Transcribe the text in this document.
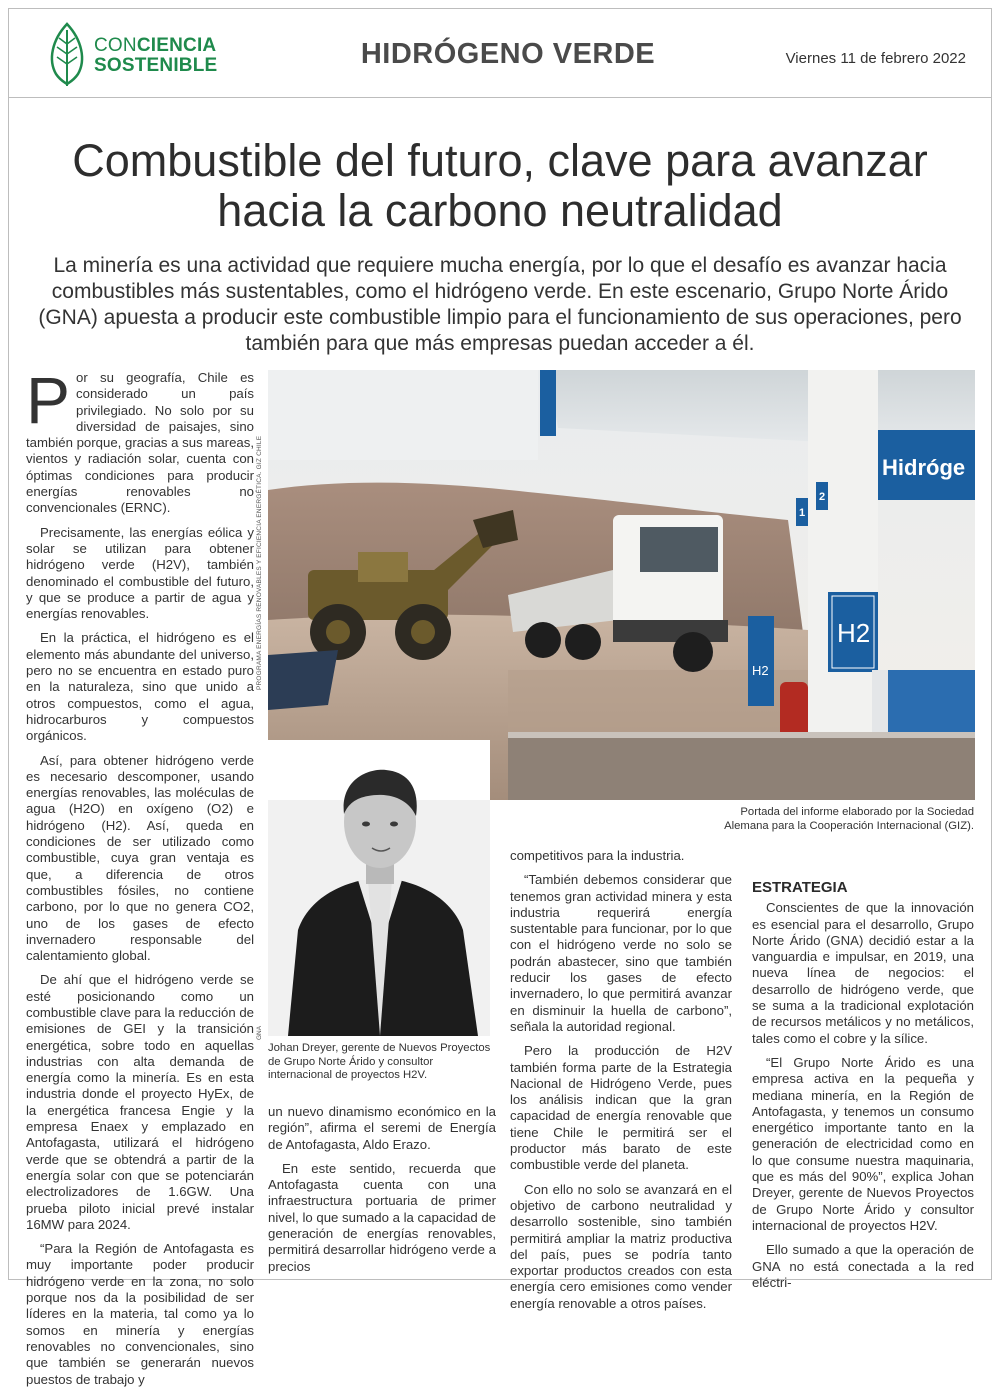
CONCIENCIA
SOSTENIBLE	HIDRÓGENO VERDE	Viernes 11 de febrero 2022
Combustible del futuro, clave para avanzar
hacia la carbono neutralidad

La minería es una actividad que requiere mucha energía, por lo que el desafío es avanzar hacia combustibles más sustentables, como el hidrógeno verde. En este escenario, Grupo Norte Árido (GNA) apuesta a producir este combustible limpio para el funcionamiento de sus operaciones, pero también para que más empresas puedan acceder a él.

Por su geografía, Chile es considerado un país privilegiado. No solo por su diversidad de paisajes, sino también porque, gracias a sus mareas, vientos y radiación solar, cuenta con óptimas condiciones para producir energías renovables no convencionales (ERNC).

Precisamente, las energías eólica y solar se utilizan para obtener hidrógeno verde (H2V), también denominado el combustible del futuro, y que se produce a partir de agua y energías renovables.

En la práctica, el hidrógeno es el elemento más abundante del universo, pero no se encuentra en estado puro en la naturaleza, sino que unido a otros compuestos, como el agua, hidrocarburos y compuestos orgánicos.

Así, para obtener hidrógeno verde es necesario descomponer, usando energías renovables, las moléculas de agua (H2O) en oxígeno (O2) e hidrógeno (H2). Así, queda en condiciones de ser utilizado como combustible, cuya gran ventaja es que, a diferencia de otros combustibles fósiles, no contiene carbono, por lo que no genera CO2, uno de los gases de efecto invernadero responsable del calentamiento global.

De ahí que el hidrógeno verde se esté posicionando como un combustible clave para la reducción de emisiones de GEI y la transición energética, sobre todo en aquellas industrias con alta demanda de energía como la minería. Es en esta industria donde el proyecto HyEx, de la energética francesa Engie y la empresa Enaex y emplazado en Antofagasta, utilizará el hidrógeno verde que se obtendrá a partir de la energía solar con que se potenciarán electrolizadores de 1.6GW. Una prueba piloto inicial prevé instalar 16MW para 2024.

“Para la Región de Antofagasta es muy importante poder producir hidrógeno verde en la zona, no solo porque nos da la posibilidad de ser líderes en la materia, tal como ya lo somos en minería y energías renovables no convencionales, sino que también se generarán nuevos puestos de trabajo y

Hidróge
1
2
H2
H2
PROGRAMA ENERGÍAS RENOVABLES Y EFICIENCIA ENERGÉTICA. GIZ CHILE
Portada del informe elaborado por la Sociedad Alemana para la Cooperación Internacional (GIZ).
GNA
Johan Dreyer, gerente de Nuevos Proyectos de Grupo Norte Árido y consultor internacional de proyectos H2V.

un nuevo dinamismo económico en la región”, afirma el seremi de Energía de Antofagasta, Aldo Erazo.

En este sentido, recuerda que Antofagasta cuenta con una infraestructura portuaria de primer nivel, lo que sumado a la capacidad de generación de energías renovables, permitirá desarrollar hidrógeno verde a precios

competitivos para la industria.

“También debemos considerar que tenemos gran actividad minera y esta industria requerirá energía sustentable para funcionar, por lo que con el hidrógeno verde no solo se podrán abastecer, sino que también reducir los gases de efecto invernadero, lo que permitirá avanzar en disminuir la huella de carbono”, señala la autoridad regional.

Pero la producción de H2V también forma parte de la Estrategia Nacional de Hidrógeno Verde, pues los análisis indican que la gran capacidad de energía renovable que tiene Chile le permitirá ser el productor más barato de este combustible verde del planeta.

Con ello no solo se avanzará en el objetivo de carbono neutralidad y desarrollo sostenible, sino también permitirá ampliar la matriz productiva del país, pues se podría tanto exportar productos creados con esta energía cero emisiones como vender energía renovable a otros países.

ESTRATEGIA

Conscientes de que la innovación es esencial para el desarrollo, Grupo Norte Árido (GNA) decidió estar a la vanguardia e impulsar, en 2019, una nueva línea de negocios: el desarrollo de hidrógeno verde, que se suma a la tradicional explotación de recursos metálicos y no metálicos, tales como el cobre y la sílice.

“El Grupo Norte Árido es una empresa activa en la pequeña y mediana minería, en la Región de Antofagasta, y tenemos un consumo energético importante tanto en la generación de electricidad como en lo que consume nuestra maquinaria, que es más del 90%”, explica Johan Dreyer, gerente de Nuevos Proyectos de Grupo Norte Árido y consultor internacional de proyectos H2V.

Ello sumado a que la operación de GNA no está conectada a la red eléctri-
